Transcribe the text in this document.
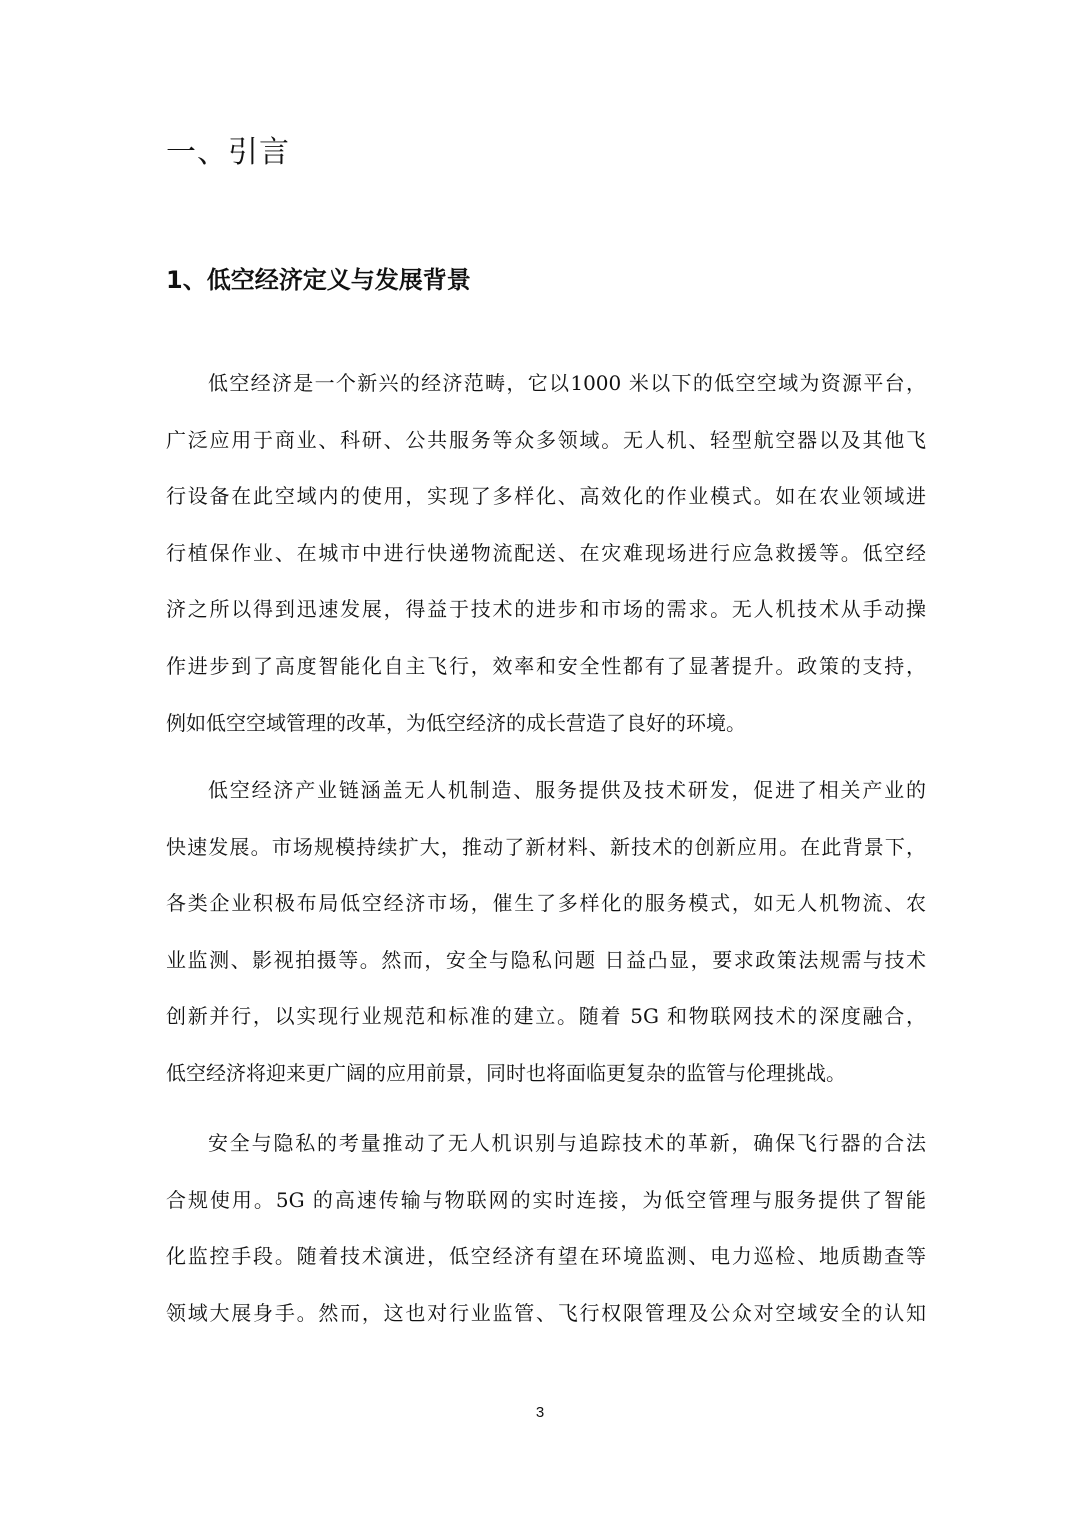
一、引言
1、低空经济定义与发展背景
低空经济是一个新兴的经济范畴，它以1000 米以下的低空空域为资源平台，
广泛应用于商业、科研、公共服务等众多领域。无人机、轻型航空器以及其他飞
行设备在此空域内的使用，实现了多样化、高效化的作业模式。如在农业领域进
行植保作业、在城市中进行快递物流配送、在灾难现场进行应急救援等。低空经
济之所以得到迅速发展，得益于技术的进步和市场的需求。无人机技术从手动操
作进步到了高度智能化自主飞行，效率和安全性都有了显著提升。政策的支持，
例如低空空域管理的改革，为低空经济的成长营造了良好的环境。
低空经济产业链涵盖无人机制造、服务提供及技术研发，促进了相关产业的
快速发展。市场规模持续扩大，推动了新材料、新技术的创新应用。在此背景下，
各类企业积极布局低空经济市场，催生了多样化的服务模式，如无人机物流、农
业监测、影视拍摄等。然而，安全与隐私问题 日益凸显，要求政策法规需与技术
创新并行，以实现行业规范和标准的建立。随着 5G 和物联网技术的深度融合，
低空经济将迎来更广阔的应用前景，同时也将面临更复杂的监管与伦理挑战。
安全与隐私的考量推动了无人机识别与追踪技术的革新，确保飞行器的合法
合规使用。5G 的高速传输与物联网的实时连接，为低空管理与服务提供了智能
化监控手段。随着技术演进，低空经济有望在环境监测、电力巡检、地质勘查等
领域大展身手。然而，这也对行业监管、飞行权限管理及公众对空域安全的认知
3
